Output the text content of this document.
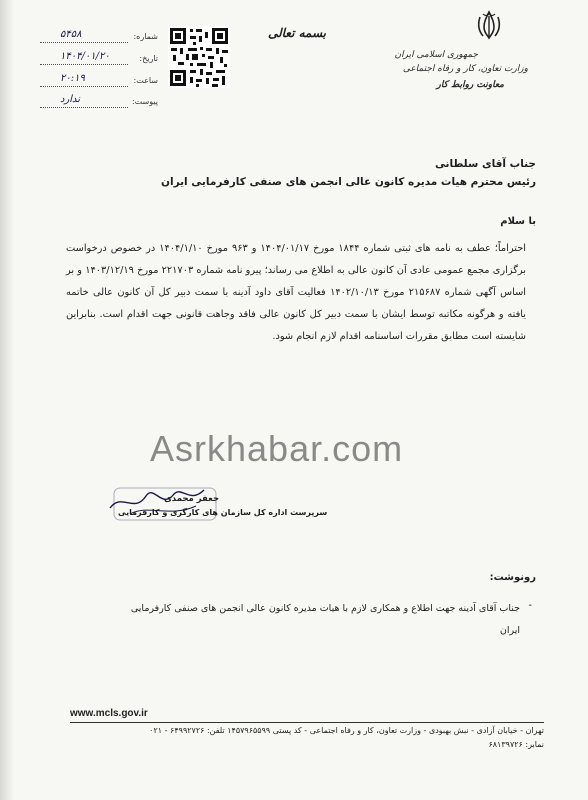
جمهوری اسلامی ایران
وزارت تعاون، کار و رفاه اجتماعی
معاونت روابط کار
بسمه تعالی
شماره:
۵۴۵۸
تاریخ:
۱۴۰۴/۰۱/۲۰
ساعت:
۲۰:۱۹
پیوست:
ندارد
جناب آقای سلطانی
رئیس محترم هیات مدیره کانون عالی انجمن های صنفی کارفرمایی ایران
با سلام
احتراماً؛ عطف به نامه های ثبتی شماره ۱۸۴۴ مورخ ۱۴۰۴/۰۱/۱۷ و ۹۶۳ مورخ ۱۴۰۴/۱/۱۰ در خصوص درخواست برگزاری مجمع عمومی عادی آن کانون عالی به اطلاع می رساند؛ پیرو نامه شماره ۲۲۱۷۰۳ مورخ ۱۴۰۳/۱۲/۱۹ و بر اساس آگهی شماره ۲۱۵۶۸۷ مورخ ۱۴۰۲/۱۰/۱۳ فعالیت آقای داود آدینه با سمت دبیر کل آن کانون عالی خاتمه یافته و هرگونه مکاتبه توسط ایشان با سمت دبیر کل کانون عالی فاقد وجاهت قانونی جهت اقدام است. بنابراین شایسته است مطابق مقررات اساسنامه اقدام لازم انجام شود.
Asrkhabar.com
جعفر محمدی
سرپرست اداره کل سازمان های کارگری و کارفرمایی
رونوشت:
-
جناب آقای آدینه جهت اطلاع و همکاری لازم با هیات مدیره کانون عالی انجمن های صنفی کارفرمایی ایران
www.mcls.gov.ir
تهران - خیابان آزادی - نبش بهبودی - وزارت تعاون، کار و رفاه اجتماعی - کد پستی ۱۴۵۷۹۶۵۵۹۹ تلفن: ۶۴۹۹۲۷۲۶ - ۰۲۱
نمابر: ۶۸۱۳۹۷۲۶
